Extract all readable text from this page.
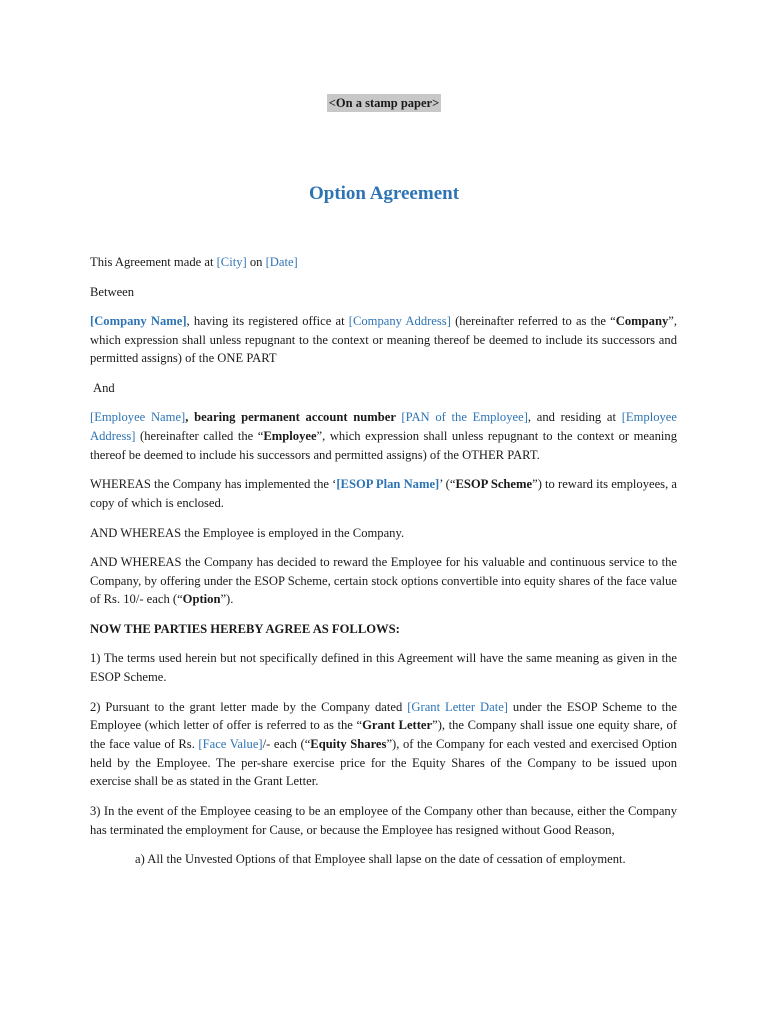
<On a stamp paper>
Option Agreement

This Agreement made at [City] on [Date]

Between

[Company Name], having its registered office at [Company Address] (hereinafter referred to as the “Company”, which expression shall unless repugnant to the context or meaning thereof be deemed to include its successors and permitted assigns) of the ONE PART

And

[Employee Name], bearing permanent account number [PAN of the Employee], and residing at [Employee Address] (hereinafter called the “Employee”, which expression shall unless repugnant to the context or meaning thereof be deemed to include his successors and permitted assigns) of the OTHER PART.

WHEREAS the Company has implemented the ‘[ESOP Plan Name]’ (“ESOP Scheme”) to reward its employees, a copy of which is enclosed.

AND WHEREAS the Employee is employed in the Company.

AND WHEREAS the Company has decided to reward the Employee for his valuable and continuous service to the Company, by offering under the ESOP Scheme, certain stock options convertible into equity shares of the face value of Rs. 10/- each (“Option”).

NOW THE PARTIES HEREBY AGREE AS FOLLOWS:

1) The terms used herein but not specifically defined in this Agreement will have the same meaning as given in the ESOP Scheme.

2) Pursuant to the grant letter made by the Company dated [Grant Letter Date] under the ESOP Scheme to the Employee (which letter of offer is referred to as the “Grant Letter”), the Company shall issue one equity share, of the face value of Rs. [Face Value]/- each (“Equity Shares”), of the Company for each vested and exercised Option held by the Employee. The per-share exercise price for the Equity Shares of the Company to be issued upon exercise shall be as stated in the Grant Letter.

3) In the event of the Employee ceasing to be an employee of the Company other than because, either the Company has terminated the employment for Cause, or because the Employee has resigned without Good Reason,

a) All the Unvested Options of that Employee shall lapse on the date of cessation of employment.
